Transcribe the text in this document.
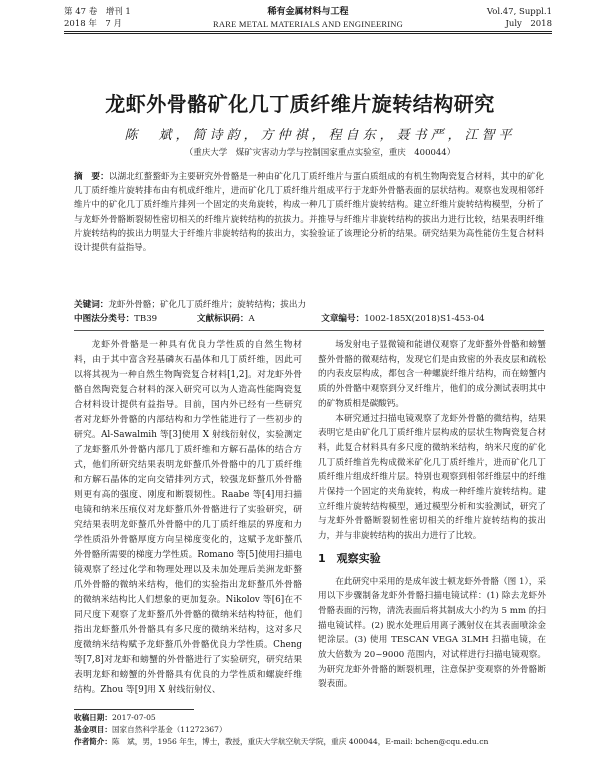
第 47 卷　增刊 1
2018 年　7 月
稀有金属材料与工程
RARE METAL MATERIALS AND ENGINEERING
Vol.47, Suppl.1
July　2018
龙虾外骨骼矿化几丁质纤维片旋转结构研究
陈　斌，简诗韵，方仲祺，程自东，聂书严，江智平
（重庆大学　煤矿灾害动力学与控制国家重点实验室，重庆　400044）
摘　要：以湖北红螯螯虾为主要研究外骨骼是一种由矿化几丁质纤维片与蛋白质组成的有机生物陶瓷复合材料，其中的矿化几丁质纤维片旋转排布由有机成纤维片，进而矿化几丁质纤维片组成平行于龙虾外骨骼表面的层状结构。观察也发现相邻纤维片中的矿化几丁质纤维片排列一个固定的夹角旋转，构成一种几丁质纤维片旋转结构。建立纤维片旋转结构模型，分析了与龙虾外骨骼断裂韧性密切相关的纤维片旋转结构的抗拔力。并推导与纤维片非旋转结构的拔出力进行比较，结果表明纤维片旋转结构的拔出力明显大于纤维片非旋转结构的拔出力，实验验证了该理论分析的结果。研究结果为高性能仿生复合材料设计提供有益指导。
关键词：龙虾外骨骼；矿化几丁质纤维片；旋转结构；拔出力
中图法分类号：TB39	文献标识码：A	文章编号：1002-185X(2018)S1-453-04

龙虾外骨骼是一种具有优良力学性质的自然生物材料，由于其中富含羟基磷灰石晶体和几丁质纤维，因此可以将其视为一种自然生物陶瓷复合材料[1,2]。对龙虾外骨骼自然陶瓷复合材料的深入研究可以为人造高性能陶瓷复合材料设计提供有益指导。目前，国内外已经有一些研究者对龙虾外骨骼的内部结构和力学性能进行了一些初步的研究。Al-Sawalmih 等[3]使用 X 射线衍射仪，实验测定了龙虾螯爪外骨骼内部几丁质纤维和方解石晶体的结合方式，他们所研究结果表明龙虾螯爪外骨骼中的几丁质纤维和方解石晶体的定向交错排列方式，较强龙虾螯爪外骨骼则更有高的强度、刚度和断裂韧性。Raabe 等[4]用扫描电镜和纳米压痕仪对龙虾螯爪外骨骼进行了实验研究，研究结果表明龙虾螯爪外骨骼中的几丁质纤维层的界度和力学性质沿外骨骼厚度方向呈梯度变化的，这赋予龙虾螯爪外骨骼所需要的梯度力学性质。Romano 等[5]使用扫描电镜观察了经过化学和物理处理以及未加处理后美洲龙虾螯爪外骨骼的微纳米结构，他们的实验指出龙虾螯爪外骨骼的微纳米结构比人们想象的更加复杂。Nikolov 等[6]在不同尺度下观察了龙虾螯爪外骨骼的微纳米结构特征，他们指出龙虾螯爪外骨骼具有多尺度的微纳米结构，这对多尺度微纳米结构赋予龙虾螯爪外骨骼优良力学性质。Cheng 等[7,8]对龙虾和螃蟹的外骨骼进行了实验研究，研究结果表明龙虾和螃蟹的外骨骼具有优良的力学性质和螺旋纤维结构。Zhou 等[9]用 X 射线衍射仪、

场发射电子显微镜和能谱仪观察了龙虾螯外骨骼和螃蟹螯外骨骼的微观结构，发现它们是由致密的外表皮层和疏松的内表皮层构成，都包含一种螺旋纤维片结构，而在螃蟹内质的外骨骼中观察到分叉纤维片，他们的成分测试表明其中的矿物质相是碳酸钙。

本研究通过扫描电镜观察了龙虾外骨骼的微结构，结果表明它是由矿化几丁质纤维片层构成的层状生物陶瓷复合材料，此复合材料具有多尺度的微纳米结构，纳米尺度的矿化几丁质纤维首先构成微米矿化几丁质纤维片，进而矿化几丁质纤维片组成纤维片层。特别也观察到相邻纤维层中的纤维片保持一个固定的夹角旋转，构成一种纤维片旋转结构。建立纤维片旋转结构模型，通过模型分析和实验测试，研究了与龙虾外骨骼断裂韧性密切相关的纤维片旋转结构的拔出力，并与非旋转结构的拔出力进行了比较。

1　观察实验

在此研究中采用的是成年波士顿龙虾外骨骼（图 1），采用以下步骤制备龙虾外骨骼扫描电镜试样：(1) 除去龙虾外骨骼表面的污物，清洗表面后将其制成大小约为 5 mm 的扫描电镜试样。(2) 脱水处理后用离子溅射仪在其表面喷涂金钯涂层。(3) 使用 TESCAN VEGA 3LMH 扫描电镜，在放大倍数为 20~9000 范围内，对试样进行扫描电镜观察。为研究龙虾外骨骼的断裂机理，注意保护变观察的外骨骼断裂表面。

收稿日期：2017-07-05
基金项目：国家自然科学基金（11272367）
作者简介：陈　斌，男，1956 年生，博士，教授，重庆大学航空航天学院，重庆 400044，E-mail: bchen@cqu.edu.cn
